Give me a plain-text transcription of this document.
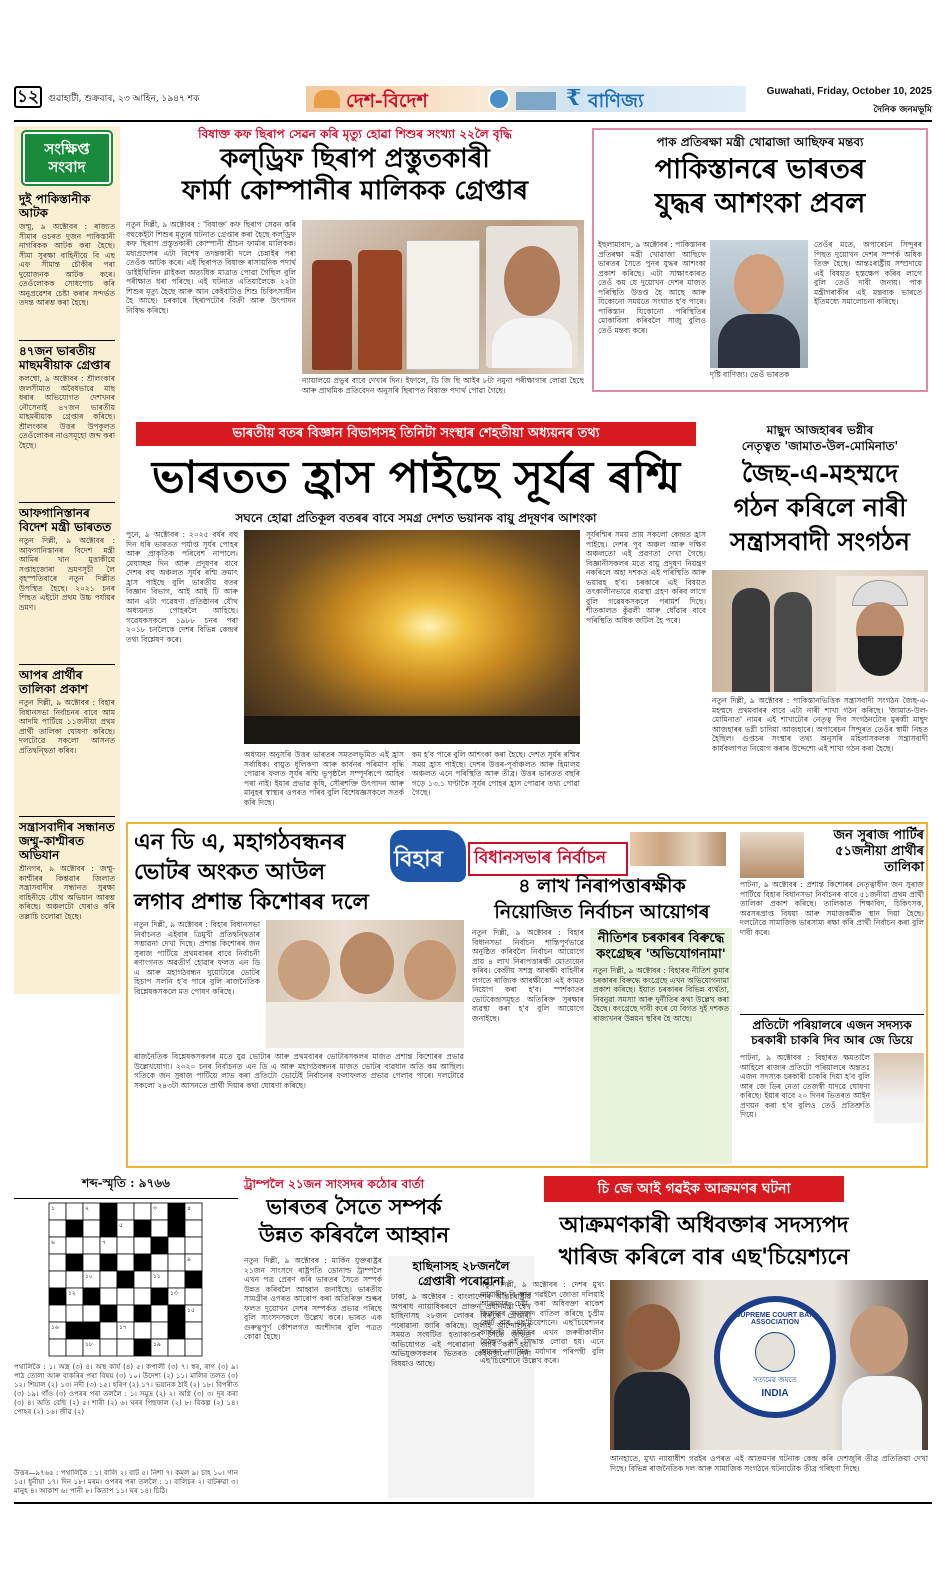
১২ গুৱাহাটী, শুক্ৰবাৰ, ২৩ আহিন, ১৯৪৭ শক	দেশ-বিদেশ	₹ বাণিজ্য	Guwahati, Friday, October 10, 2025
দৈনিক জনমভূমি
সংক্ষিপ্ত সংবাদ
দুই পাকিস্তানীক আটক
জম্মু, ৯ অক্টোবৰ : ৰাজ্যত সীমাৰ ওচৰত দুজন পাকিস্তানী নাগৰিকক আটক কৰা হৈছে। সীমা সুৰক্ষা বাহিনীয়ে বি এছ এফ সীমান্ত চৌকীৰ পৰা দুয়োজনক আটক কৰে। তেওঁলোকক সোধপোচ কৰি অনুপ্ৰৱেশৰ চেষ্টা কৰাৰ সন্দৰ্ভত তদন্ত আৰম্ভ কৰা হৈছে।
৪৭জন ভাৰতীয় মাছমৰীয়াক গ্ৰেপ্তাৰ
কলম্বো, ৯ অক্টোবৰ : শ্ৰীলংকাৰ জলসীমাত অবৈধভাৱে মাছ ধৰাৰ অভিযোগত দেশখনৰ নৌসেনাই ৪৭জন ভাৰতীয় মাছমৰীয়াক গ্ৰেপ্তাৰ কৰিছে। শ্ৰীলংকাৰ উত্তৰ উপকূলত তেওঁলোকৰ নাওসমূহো জব্দ কৰা হৈছে।
আফগানিস্তানৰ বিদেশ মন্ত্ৰী ভাৰতত
নতুন দিল্লী, ৯ অক্টোবৰ : আফগানিস্তানৰ বিদেশ মন্ত্ৰী আমিৰ খান মুত্তাকীয়ে সপ্তাহজোৰা ভ্ৰমণসূচী লৈ বৃহস্পতিবাৰে নতুন দিল্লীত উপস্থিত হৈছে। ২০২১ চনৰ পিছত এইটো প্ৰথম উচ্চ পৰ্যায়ৰ ভ্ৰমণ।
আপৰ প্ৰাৰ্থীৰ তালিকা প্ৰকাশ
নতুন দিল্লী, ৯ অক্টোবৰ : বিহাৰ বিধানসভা নিৰ্বাচনৰ বাবে আম আদমি পাৰ্টিয়ে ১১জনীয়া প্ৰথম প্ৰাৰ্থী তালিকা ঘোষণা কৰিছে। দলটোৱে সকলো আসনত প্ৰতিদ্বন্দ্বিতা কৰিব।
সন্ত্ৰাসবাদীৰ সন্ধানত জম্মু-কাশ্মীৰত অভিযান
শ্ৰীনগৰ, ৯ অক্টোবৰ : জম্মু-কাশ্মীৰৰ কিশ্তৱাৰ জিলাত সন্ত্ৰাসবাদীৰ সন্ধানত সুৰক্ষা বাহিনীয়ে যৌথ অভিযান আৰম্ভ কৰিছে। অঞ্চলটো ঘেৰাও কৰি তল্লাচি চলোৱা হৈছে।
বিষাক্ত কফ ছিৰাপ সেৱন কৰি মৃত্যু হোৱা শিশুৰ সংখ্যা ২২লৈ বৃদ্ধি
কল্‌ড্ৰিফ ছিৰাপ প্ৰস্তুতকাৰী
ফাৰ্মা কোম্পানীৰ মালিকক গ্ৰেপ্তাৰ
নতুন দিল্লী, ৯ অক্টোবৰ : 'বিষাক্ত' কফ ছিৰাপ সেৱন কৰি বহুকেইটা শিশুৰ মৃত্যুৰ ঘটনাত গ্ৰেপ্তাৰ কৰা হৈছে কল্‌ড্ৰিফ কফ ছিৰাপ প্ৰস্তুতকাৰী কোম্পানী শ্ৰীচন ফাৰ্মাৰ মালিকক। মধ্যপ্ৰদেশৰ এটা বিশেষ তদন্তকাৰী দলে চেন্নাইৰ পৰা তেওঁক আটক কৰে। এই ছিৰাপত বিষাক্ত ৰাসায়নিক পদাৰ্থ ডাইইথিলিন গ্লাইকল অত্যধিক মাত্ৰাত পোৱা গৈছিল বুলি পৰীক্ষাত ধৰা পৰিছে। এই ঘটনাত এতিয়ালৈকে ২২টা শিশুৰ মৃত্যু হৈছে আৰু আন কেইবাটাও শিশু চিকিৎসাধীন হৈ আছে। চৰকাৰে ছিৰাপটোৰ বিক্ৰী আৰু উৎপাদন নিষিদ্ধ কৰিছে।
ন্যায়ালয়ে প্ৰভুৰ বাবে দেখাৰ দিন। ইফালে, ডি জি ছি আইৰ ৮টা নমুনা পৰীক্ষাগাৰ লোৱা হৈছে আৰু প্ৰাথমিক প্ৰতিবেদন অনুসৰি ছিৰাপত বিষাক্ত পদাৰ্থ পোৱা গৈছে।
পাক প্ৰতিৰক্ষা মন্ত্ৰী খোৱাজা আছিফৰ মন্তব্য
পাকিস্তানৰে ভাৰতৰ
যুদ্ধৰ আশংকা প্ৰবল
ইছলামাবাদ, ৯ অক্টোবৰ : পাকিস্তানৰ প্ৰতিৰক্ষা মন্ত্ৰী খোৱাজা আছিফে ভাৰতৰ সৈতে পুনৰ যুদ্ধৰ আশংকা প্ৰকাশ কৰিছে। এটা সাক্ষাৎকাৰত তেওঁ কয় যে দুয়োখন দেশৰ মাজত পৰিস্থিতি উত্তপ্ত হৈ আছে আৰু যিকোনো সময়তে সংঘাত হ'ব পাৰে। পাকিস্তান যিকোনো পৰিস্থিতিৰ মোকাবিলা কৰিবলৈ সাজু বুলিও তেওঁ মন্তব্য কৰে।
দৃষ্টি বাণিজ্য। ভেওঁ ভাৰতক
তেওঁৰ মতে, অপাৰেচন সিন্দুৰৰ পিছত দুয়োখন দেশৰ সম্পৰ্ক অধিক তিক্ত হৈছে। আন্তঃৰাষ্ট্ৰীয় সম্প্ৰদায়ে এই বিষয়ত হস্তক্ষেপ কৰিব লাগে বুলি তেওঁ দাবী জনায়। পাক মন্ত্ৰীগৰাকীৰ এই মন্তব্যক ভাৰতে ইতিমধ্যে সমালোচনা কৰিছে।
ভাৰতীয় বতৰ বিজ্ঞান বিভাগসহ তিনিটা সংস্থাৰ শেহতীয়া অধ্যয়নৰ তথ্য
ভাৰতত হ্ৰাস পাইছে সূৰ্যৰ ৰশ্মি
সঘনে হোৱা প্ৰতিকূল বতৰৰ বাবে সমগ্ৰ দেশত ভয়ানক বায়ু প্ৰদূষণৰ আশংকা
পুনে, ৯ অক্টোবৰ : ২০২৫ বৰ্ষৰ বহু দিন ধৰি ভাৰতত পৰ্যাপ্ত সূৰ্যৰ পোহৰ আৰু প্ৰাকৃতিক পৰিবেশ নাপালে। মেঘাচ্ছন্ন দিন আৰু প্ৰদূষণৰ বাবে দেশৰ বহু অঞ্চলত সূৰ্যৰ ৰশ্মি ক্ৰমাৎ হ্ৰাস পাইছে বুলি ভাৰতীয় বতৰ বিজ্ঞান বিভাগ, আই আই টি আৰু আন এটা গৱেষণা প্ৰতিষ্ঠানৰ যৌথ অধ্যয়নত পোহৰলৈ আহিছে। গৱেষকসকলে ১৯৮৮ চনৰ পৰা ২০১৮ চনলৈকে দেশৰ বিভিন্ন কেন্দ্ৰৰ তথ্য বিশ্লেষণ কৰে।
অধ্যয়ন অনুসৰি উত্তৰ ভাৰতৰ সমতলভূমিত এই হ্ৰাস সৰ্বাধিক। বায়ুত ধূলিকণা আৰু কাৰ্বনৰ পৰিমাণ বৃদ্ধি পোৱাৰ ফলত সূৰ্যৰ ৰশ্মি ভূপৃষ্ঠলৈ সম্পূৰ্ণৰূপে আহিব পৰা নাই। ইয়াৰ প্ৰভাৱ কৃষি, সৌৰশক্তি উৎপাদন আৰু মানুহৰ স্বাস্থ্যৰ ওপৰত পৰিব বুলি বিশেষজ্ঞসকলে সতৰ্ক কৰি দিছে।
কম হ'ব পাৰে বুলি আশংকা কৰা হৈছে। দেশত সূৰ্যৰ ৰশ্মিৰ সময় হ্ৰাস পাইছে। দেশৰ উত্তৰ-পূৰ্বাঞ্চলত আৰু হিমালয় অঞ্চলত এনে পৰিস্থিতি আৰু তীব্ৰ। উত্তৰ ভাৰতত বছৰি গড়ে ১৩.১ ঘণ্টাকৈ সূৰ্যৰ পোহৰ হ্ৰাস পোৱাৰ তথ্য পোৱা গৈছে।
সূৰ্যৰশ্মিৰ সময় প্ৰায় সকলো কেন্দ্ৰত হ্ৰাস পাইছে। দেশৰ পূব অঞ্চল আৰু দক্ষিণ অঞ্চলতো এই প্ৰৱণতা দেখা গৈছে। বিজ্ঞানীসকলৰ মতে বায়ু প্ৰদূষণ নিয়ন্ত্ৰণ নকৰিলে অহা দশকত এই পৰিস্থিতি আৰু ভয়াৱহ হ'ব। চৰকাৰে এই বিষয়ত তৎকালীনভাৱে ব্যৱস্থা গ্ৰহণ কৰিব লাগে বুলি গৱেষকসকলে পৰামৰ্শ দিছে। শীতকালত কুঁৱলী আৰু ধোঁৱাৰ বাবে পৰিস্থিতি অধিক জটিল হৈ পৰে।
মাছুদ আজহাৰৰ ভগ্নীৰ
নেতৃত্বত 'জামাত-উল-মোমিনাত'
জৈছ-এ-মহম্মদে
গঠন কৰিলে নাৰী
সন্ত্ৰাসবাদী সংগঠন
নতুন দিল্লী, ৯ অক্টোবৰ : পাকিস্তানভিত্তিক সন্ত্ৰাসবাদী সংগঠন জৈছ-এ-মহম্মদে প্ৰথমবাৰৰ বাবে এটা নাৰী শাখা গঠন কৰিছে। 'জামাত-উল-মোমিনাত' নামৰ এই শাখাটোৰ নেতৃত্ব দিব সংগঠনটোৰ মুৰব্বী মাছুদ আজহাৰৰ ভগ্নী চাদিয়া আজহাৰে। অপাৰেচন সিন্দুৰত তেওঁৰ স্বামী নিহত হৈছিল। গুপ্তচৰ সংস্থাৰ তথ্য অনুসৰি মহিলাসকলক সন্ত্ৰাসবাদী কাৰ্যকলাপত নিয়োগ কৰাৰ উদ্দেশ্যে এই শাখা গঠন কৰা হৈছে।
এন ডি এ, মহাগঠবন্ধনৰ
ভোটৰ অংকত আউল
লগাব প্ৰশান্ত কিশোৰৰ দলে
বিহাৰ	বিধানসভাৰ নিৰ্বাচন
নতুন দিল্লী, ৯ অক্টোবৰ : বিহাৰ বিধানসভা নিৰ্বাচনত এইবাৰ ত্ৰিমুখী প্ৰতিদ্বন্দ্বিতাৰ সম্ভাৱনা দেখা দিছে। প্ৰশান্ত কিশোৰৰ জন সুৰাজ পাৰ্টিয়ে প্ৰথমবাৰৰ বাবে নিৰ্বাচনী ৰণাংগনত অৱতীৰ্ণ হোৱাৰ ফলত এন ডি এ আৰু মহাগঠবন্ধন দুয়োটাৰে ভোটৰ হিচাপ সলনি হ'ব পাৰে বুলি ৰাজনৈতিক বিশ্লেষকসকলে মত পোষণ কৰিছে।
ৰাজনৈতিক বিশ্লেষকসকলৰ মতে যুৱ ভোটাৰ আৰু প্ৰথমবাৰৰ ভোটাৰসকলৰ মাজত প্ৰশান্ত কিশোৰৰ প্ৰভাৱ উল্লেখযোগ্য। ২০২০ চনৰ নিৰ্বাচনত এন ডি এ আৰু মহাগঠবন্ধনৰ মাজত ভোটৰ ব্যৱধান অতি কম আছিল। গতিকে জন সুৰাজ পাৰ্টিয়ে লাভ কৰা প্ৰতিটো ভোটেই নিৰ্বাচনৰ ফলাফলত প্ৰভাৱ পেলাব পাৰে। দলটোৱে সকলো ২৪৩টা আসনতে প্ৰাৰ্থী দিয়াৰ কথা ঘোষণা কৰিছে।
৪ লাখ নিৰাপত্তাৰক্ষীক
নিয়োজিত নিৰ্বাচন আয়োগৰ
নতুন দিল্লী, ৯ অক্টোবৰ : বিহাৰ বিধানসভা নিৰ্বাচন শান্তিপূৰ্ণভাৱে অনুষ্ঠিত কৰিবলৈ নিৰ্বাচন আয়োগে প্ৰায় ৪ লাখ নিৰাপত্তাৰক্ষী মোতায়েন কৰিব। কেন্দ্ৰীয় সশস্ত্ৰ আৰক্ষী বাহিনীৰ লগতে ৰাজ্যিক আৰক্ষীকো এই কামত নিয়োগ কৰা হ'ব। স্পৰ্শকাতৰ ভোটকেন্দ্ৰসমূহত অতিৰিক্ত সুৰক্ষাৰ ব্যৱস্থা কৰা হ'ব বুলি আয়োগে জনাইছে।
নীতিশৰ চৰকাৰৰ বিৰুদ্ধে
কংগ্ৰেছৰ 'অভিযোগনামা'
নতুন দিল্লী, ৯ অক্টোবৰ : বিহাৰৰ নীতিশ কুমাৰ চৰকাৰৰ বিৰুদ্ধে কংগ্ৰেছে এখন অভিযোগনামা প্ৰকাশ কৰিছে। ইয়াত চৰকাৰৰ বিভিন্ন ব্যৰ্থতা, নিবনুৱা সমস্যা আৰু দুৰ্নীতিৰ কথা উল্লেখ কৰা হৈছে। কংগ্ৰেছে দাবী কৰে যে বিগত দুই দশকত ৰাজ্যখনৰ উন্নয়ন স্থবিৰ হৈ আছে।
জন সুৰাজ পাৰ্টিৰ
৫১জনীয়া প্ৰাৰ্থীৰ
তালিকা
পাটনা, ৯ অক্টোবৰ : প্ৰশান্ত কিশোৰৰ নেতৃত্বাধীন জন সুৰাজ পাৰ্টিয়ে বিহাৰ বিধানসভা নিৰ্বাচনৰ বাবে ৫১জনীয়া প্ৰথম প্ৰাৰ্থী তালিকা প্ৰকাশ কৰিছে। তালিকাত শিক্ষাবিদ, চিকিৎসক, অৱসৰপ্ৰাপ্ত বিষয়া আৰু সমাজকৰ্মীক স্থান দিয়া হৈছে। দলটোৱে সামাজিক ভাৰসাম্য ৰক্ষা কৰি প্ৰাৰ্থী নিৰ্বাচন কৰা বুলি দাবী কৰে।
প্ৰতিটো পৰিয়ালৰে এজন সদস্যক
চৰকাৰী চাকৰি দিব আৰ জে ডিয়ে
পাটনা, ৯ অক্টোবৰ : বিহাৰত ক্ষমতালৈ আহিলে ৰাজ্যৰ প্ৰতিটো পৰিয়ালৰে অন্ততঃ এজন সদস্যক চৰকাৰী চাকৰি দিয়া হ'ব বুলি আৰ জে ডিৰ নেতা তেজস্বী যাদৱে ঘোষণা কৰিছে। ইয়াৰ বাবে ২০ দিনৰ ভিতৰত আইন প্ৰণয়ন কৰা হ'ব বুলিও তেওঁ প্ৰতিশ্ৰুতি দিয়ে।
শব্দ-স্মৃতি : ৯৭৬৬
১	২	৩	৪
৫
৬	৭
৮	৯
১০	১১
১২	১৩
১৪	১৫
১৬	১৭
১৮	১৯
পথালিকৈ : ১। অস্ত্ৰ (৩) ৪। অস্থ কাৰ্য (৪) ৫। কপালী (৩) ৭। স্বৰ, ৰাগ (৩) ৯। পাঠ তোলা আৰু বাকৰিৰ পৰা বিষয় (৩) ১০। উদেশ্য (২) ১১। মালিৰ তলত (৩) ১২। শিয়াল (২) ১৩। নদী (৩) ১৫। হৰিণ (২) ১৭। ভয়ানক ঠাই (২) ১৮। বিপৰীত (৩) ১৯। গাঁও (৩) ওপৰৰ পৰা তললৈ : ১। সমুদ্ৰ (২) ২। অগ্নি (৩) ৩। দূৰ কৰা (৩) ৪। অতি বেছি (২) ৫। শাৰী (২) ৬। ঘৰৰ পিছফাল (২) ৮। বিকল্প (২) ১৪। পোহৰ (২) ১৬। জীৱ (২)
উত্তৰ—৯৭৬৫ : পথালিকৈ : ১। বালি ২। বাট ৫। নিশা ৭। কমল ৯। চাহ ১০। গান ১৫। ধুনীয়া ১৭। দিন ১৮। মৰম। ওপৰৰ পৰা তললৈ : ১। বালিচৰ ২। বাটৰুৱা ৩। মানুহ ৪। আকাশ ৬। পানী ৮। কিতাপ ১১। ঘৰ ১৪। চিঠি।
ট্ৰাম্পলৈ ২১জন সাংসদৰ কঠোৰ বাৰ্তা
ভাৰতৰ সৈতে সম্পৰ্ক
উন্নত কৰিবলৈ আহ্বান
নতুন দিল্লী, ৯ অক্টোবৰ : মাৰ্কিন যুক্তৰাষ্ট্ৰৰ ২১জন সাংসদে ৰাষ্ট্ৰপতি ডোনাল্ড ট্ৰাম্পলৈ এখন পত্ৰ প্ৰেৰণ কৰি ভাৰতৰ সৈতে সম্পৰ্ক উন্নত কৰিবলৈ আহ্বান জনাইছে। ভাৰতীয় সামগ্ৰীৰ ওপৰত আৰোপ কৰা অতিৰিক্ত শুল্কৰ ফলত দুয়োখন দেশৰ সম্পৰ্কত প্ৰভাৱ পৰিছে বুলি সাংসদসকলে উল্লেখ কৰে। ভাৰত এক গুৰুত্বপূৰ্ণ কৌশলগত অংশীদাৰ বুলি পত্ৰত কোৱা হৈছে।
হাছিনাসহ ২৮জনলৈ
গ্ৰেপ্তাৰী পৰোৱানা
ঢাকা, ৯ অক্টোবৰ : বাংলাদেশৰ আন্তঃৰাষ্ট্ৰীয় অপৰাধ ন্যায়াধিকৰণে প্ৰাক্তন প্ৰধানমন্ত্ৰী শ্বেখ হাছিনাসহ ২৮জন লোকৰ বিৰুদ্ধে গ্ৰেপ্তাৰী পৰোৱানা জাৰি কৰিছে। জুলাই আন্দোলনৰ সময়ত সংঘটিত হত্যাকাণ্ডৰ সৈতে জড়িত অভিযোগত এই পৰোৱানা জাৰি কৰা হয়। অভিযুক্তসকলৰ ভিতৰত কেইবাজনো সেনা বিষয়াও আছে।
চি জে আই গৱইক আক্ৰমণৰ ঘটনা
আক্ৰমণকাৰী অধিবক্তাৰ সদস্যপদ
খাৰিজ কৰিলে বাৰ এছ'চিয়েশ্যনে
নতুন দিল্লী, ৯ অক্টোবৰ : দেশৰ মুখ্য ন্যায়াধীশ বি আৰ গৱইলৈ জোতা দলিয়াই আক্ৰমণৰ চেষ্টা কৰা অধিবক্তা ৰাকেশ কিশোৰৰ সদস্যপদ বাতিল কৰিছে চুপ্ৰীম কোৰ্ট বাৰ এছ'চিয়েশ্যনে। এছ'চিয়েশ্যনৰ কাৰ্যবাহী সমিতিৰ এখন জৰুৰীকালীন বৈঠকত এই সিদ্ধান্ত লোৱা হয়। এনে আচৰণ ন্যায়িক মৰ্যাদাৰ পৰিপন্থী বুলি এছ'চিয়েশ্যনে উল্লেখ কৰে।
SUPREME COURT BAR ASSOCIATION
সত্যমেৱ জয়তে
INDIA
আনহাতে, মুখ্য ন্যায়াধীশ গৱইৰ ওপৰত এই আক্ৰমণৰ ঘটনাক কেন্দ্ৰ কৰি দেশজুৰি তীব্ৰ প্ৰতিক্ৰিয়া দেখা দিছে। বিভিন্ন ৰাজনৈতিক দল আৰু সামাজিক সংগঠনে ঘটনাটোক তীব্ৰ গৰিহণা দিছে।
